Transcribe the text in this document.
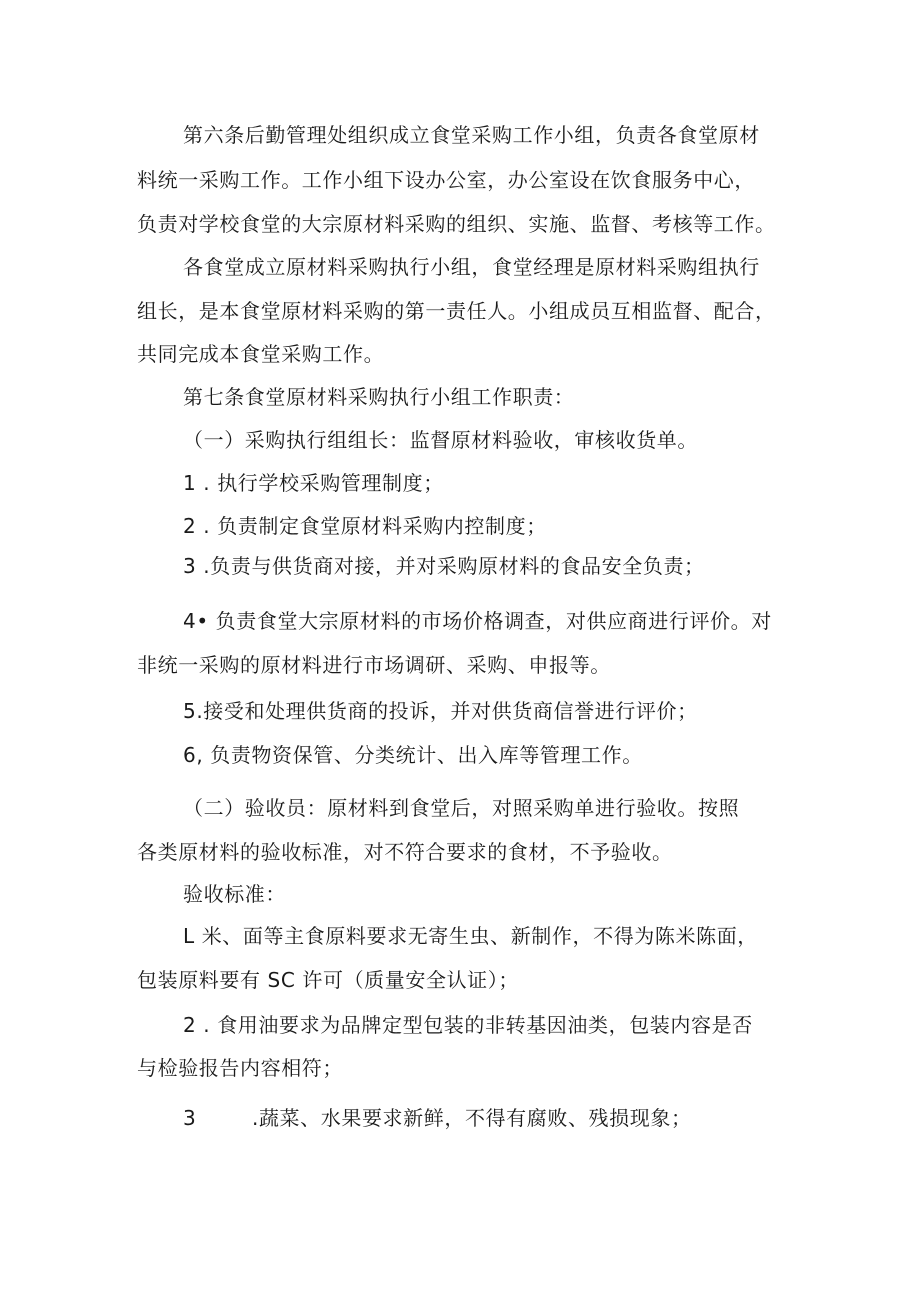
第六条后勤管理处组织成立食堂采购工作小组，负责各食堂原材
料统一采购工作。工作小组下设办公室，办公室设在饮食服务中心，
负责对学校食堂的大宗原材料采购的组织、实施、监督、考核等工作。
各食堂成立原材料采购执行小组，食堂经理是原材料采购组执行
组长，是本食堂原材料采购的第一责任人。小组成员互相监督、配合，
共同完成本食堂采购工作。
第七条食堂原材料采购执行小组工作职责：
（一）采购执行组组长：监督原材料验收，审核收货单。
1 . 执行学校采购管理制度；
2 . 负责制定食堂原材料采购内控制度；
3 .负责与供货商对接，并对采购原材料的食品安全负责；
4• 负责食堂大宗原材料的市场价格调查，对供应商进行评价。对
非统一采购的原材料进行市场调研、采购、申报等。
5.接受和处理供货商的投诉，并对供货商信誉进行评价；
6, 负责物资保管、分类统计、出入库等管理工作。
（二）验收员：原材料到食堂后，对照采购单进行验收。按照
各类原材料的验收标准，对不符合要求的食材，不予验收。
验收标准：
L 米、面等主食原料要求无寄生虫、新制作，不得为陈米陈面，
包装原料要有 SC 许可（质量安全认证）；
2 . 食用油要求为品牌定型包装的非转基因油类，包装内容是否
与检验报告内容相符；
3        .蔬菜、水果要求新鲜，不得有腐败、残损现象；
